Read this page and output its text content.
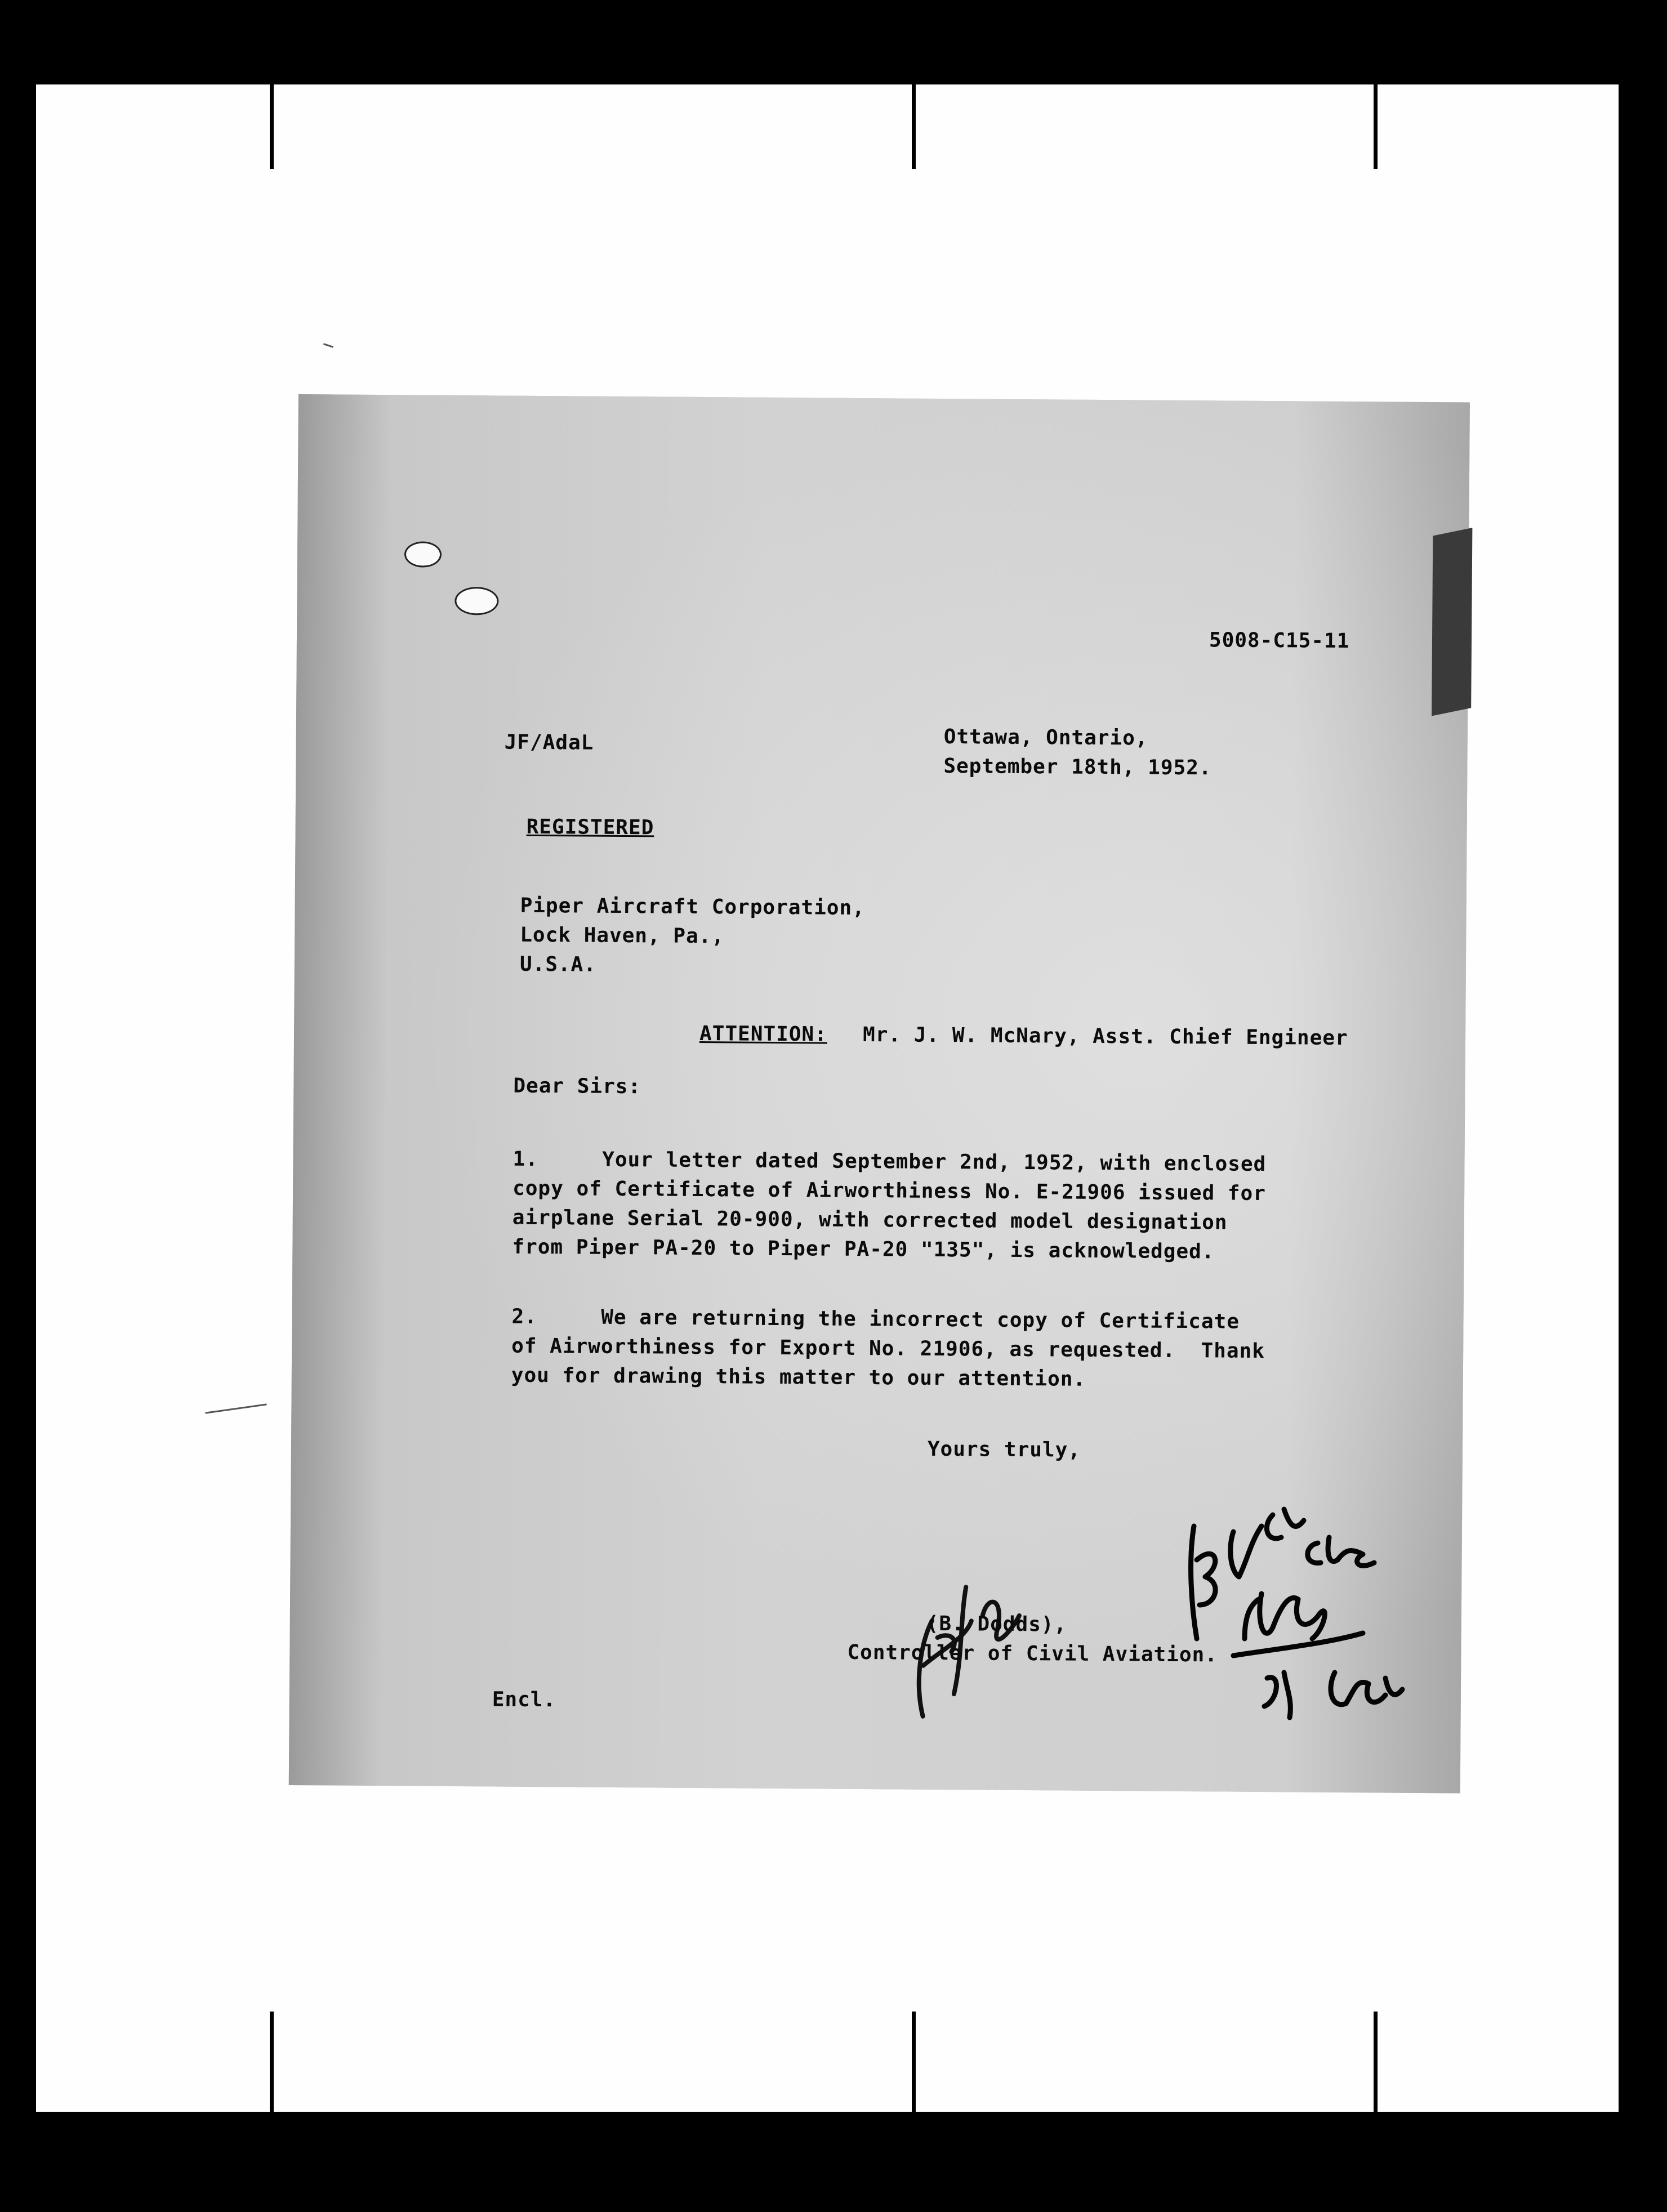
5008-C15-11
JF/AdaL	Ottawa, Ontario,
September 18th, 1952.
REGISTERED
Piper Aircraft Corporation,
Lock Haven, Pa.,
U.S.A.
ATTENTION: Mr. J. W. McNary, Asst. Chief Engineer
Dear Sirs:
1.     Your letter dated September 2nd, 1952, with enclosed
copy of Certificate of Airworthiness No. E-21906 issued for
airplane Serial 20-900, with corrected model designation
from Piper PA-20 to Piper PA-20 "135", is acknowledged.
2.     We are returning the incorrect copy of Certificate
of Airworthiness for Export No. 21906, as requested.  Thank
you for drawing this matter to our attention.
Yours truly,
(B. Dodds),
Controller of Civil Aviation.
Encl.
